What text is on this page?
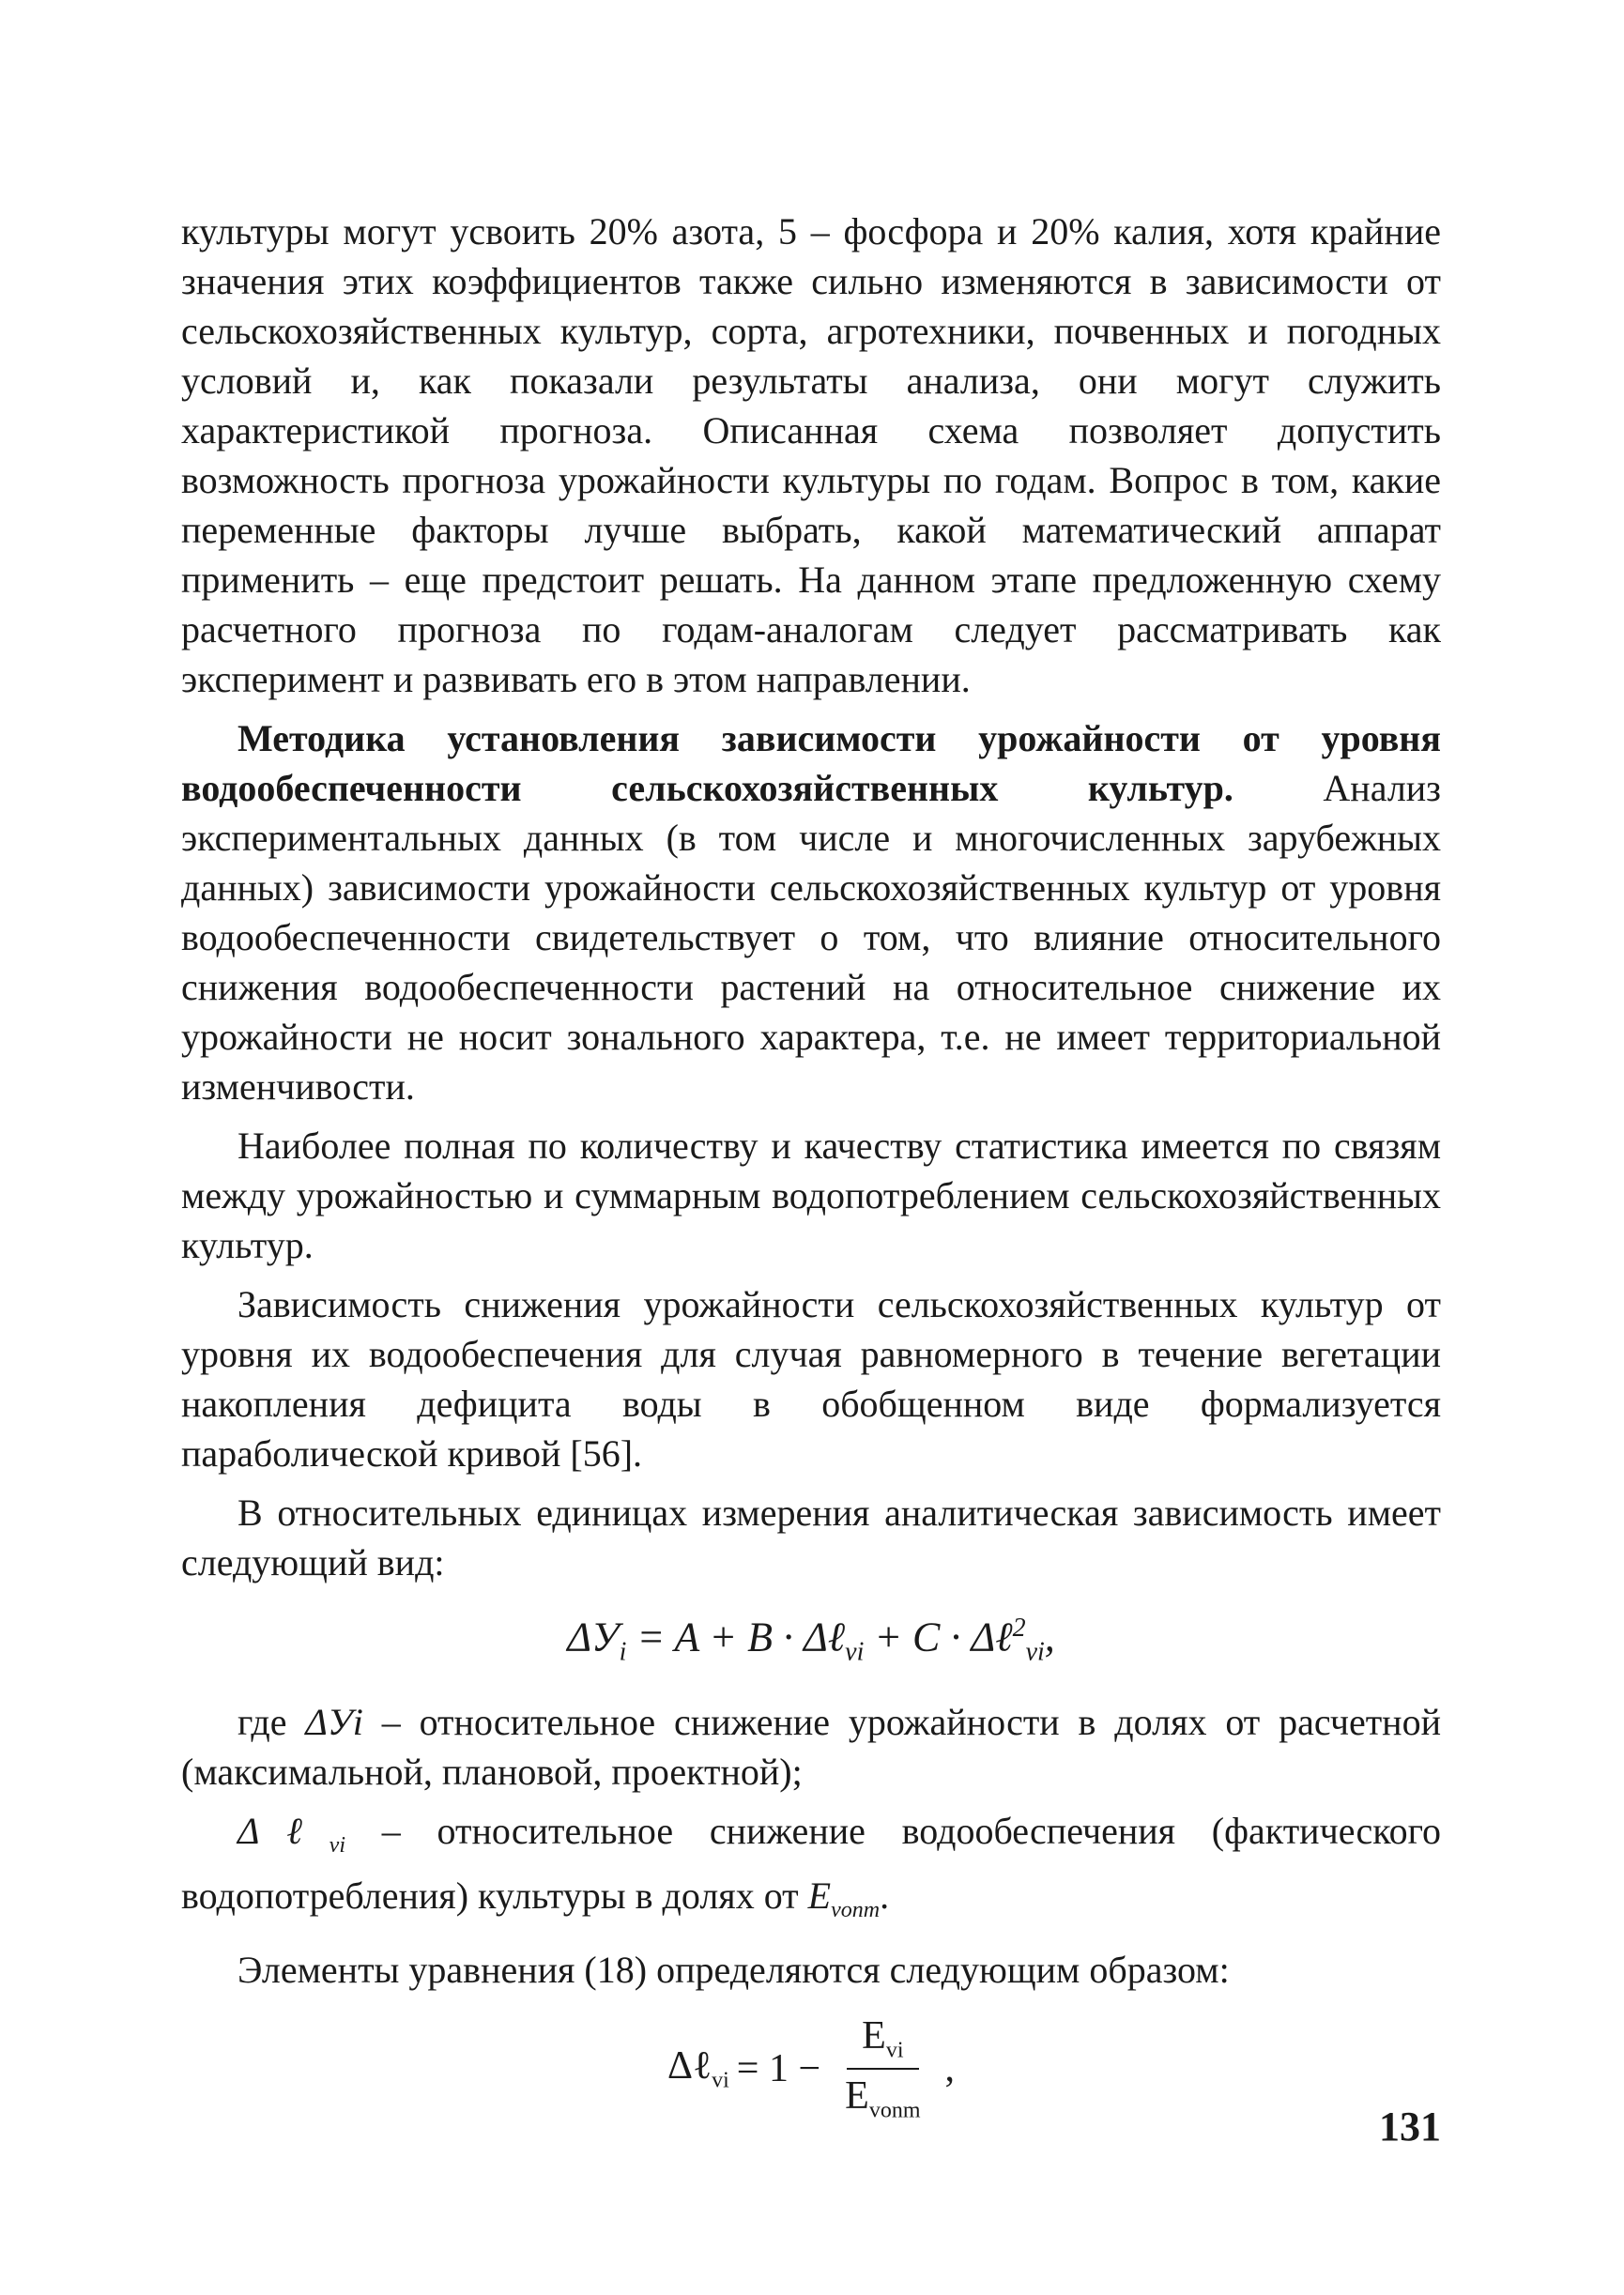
культуры могут усвоить 20% азота, 5 – фосфора и 20% калия, хотя крайние значения этих коэффициентов также сильно изменяются в зависимости от сельскохозяйственных культур, сорта, агротехники, почвенных и погодных условий и, как показали результаты анализа, они могут служить характеристикой прогноза. Описанная схема позволяет допустить возможность прогноза урожайности культуры по годам. Вопрос в том, какие переменные факторы лучше выбрать, какой математический аппарат применить – еще предстоит решать. На данном этапе предложенную схему расчетного прогноза по годам-аналогам следует рассматривать как эксперимент и развивать его в этом направлении.

Методика установления зависимости урожайности от уровня водообеспеченности сельскохозяйственных культур. Анализ экспериментальных данных (в том числе и многочисленных зарубежных данных) зависимости урожайности сельскохозяйственных культур от уровня водообеспеченности свидетельствует о том, что влияние относительного снижения водообеспеченности растений на относительное снижение их урожайности не носит зонального характера, т.е. не имеет территориальной изменчивости.

Наиболее полная по количеству и качеству статистика имеется по связям между урожайностью и суммарным водопотреблением сельскохозяйственных культур.

Зависимость снижения урожайности сельскохозяйственных культур от уровня их водообеспечения для случая равномерного в течение вегетации накопления дефицита воды в обобщенном виде формализуется параболической кривой [56].

В относительных единицах измерения аналитическая зависимость имеет следующий вид:

$\Delta У_i = A + B$ · Δℓ$_{vi}$ + C · Δℓ$^2_{vi}$,

где ΔУi – относительное снижение урожайности в долях от расчетной (максимальной, плановой, проектной);

Δℓ$_{vi}$ – относительное снижение водообеспечения (фактического водопотребления) культуры в долях от $E_{vonm}$.

Элементы уравнения (18) определяются следующим образом:

Δℓ$_{vi}$ = $1 - \frac{E_{vi}}{E_{vonm}}$ ,
131
